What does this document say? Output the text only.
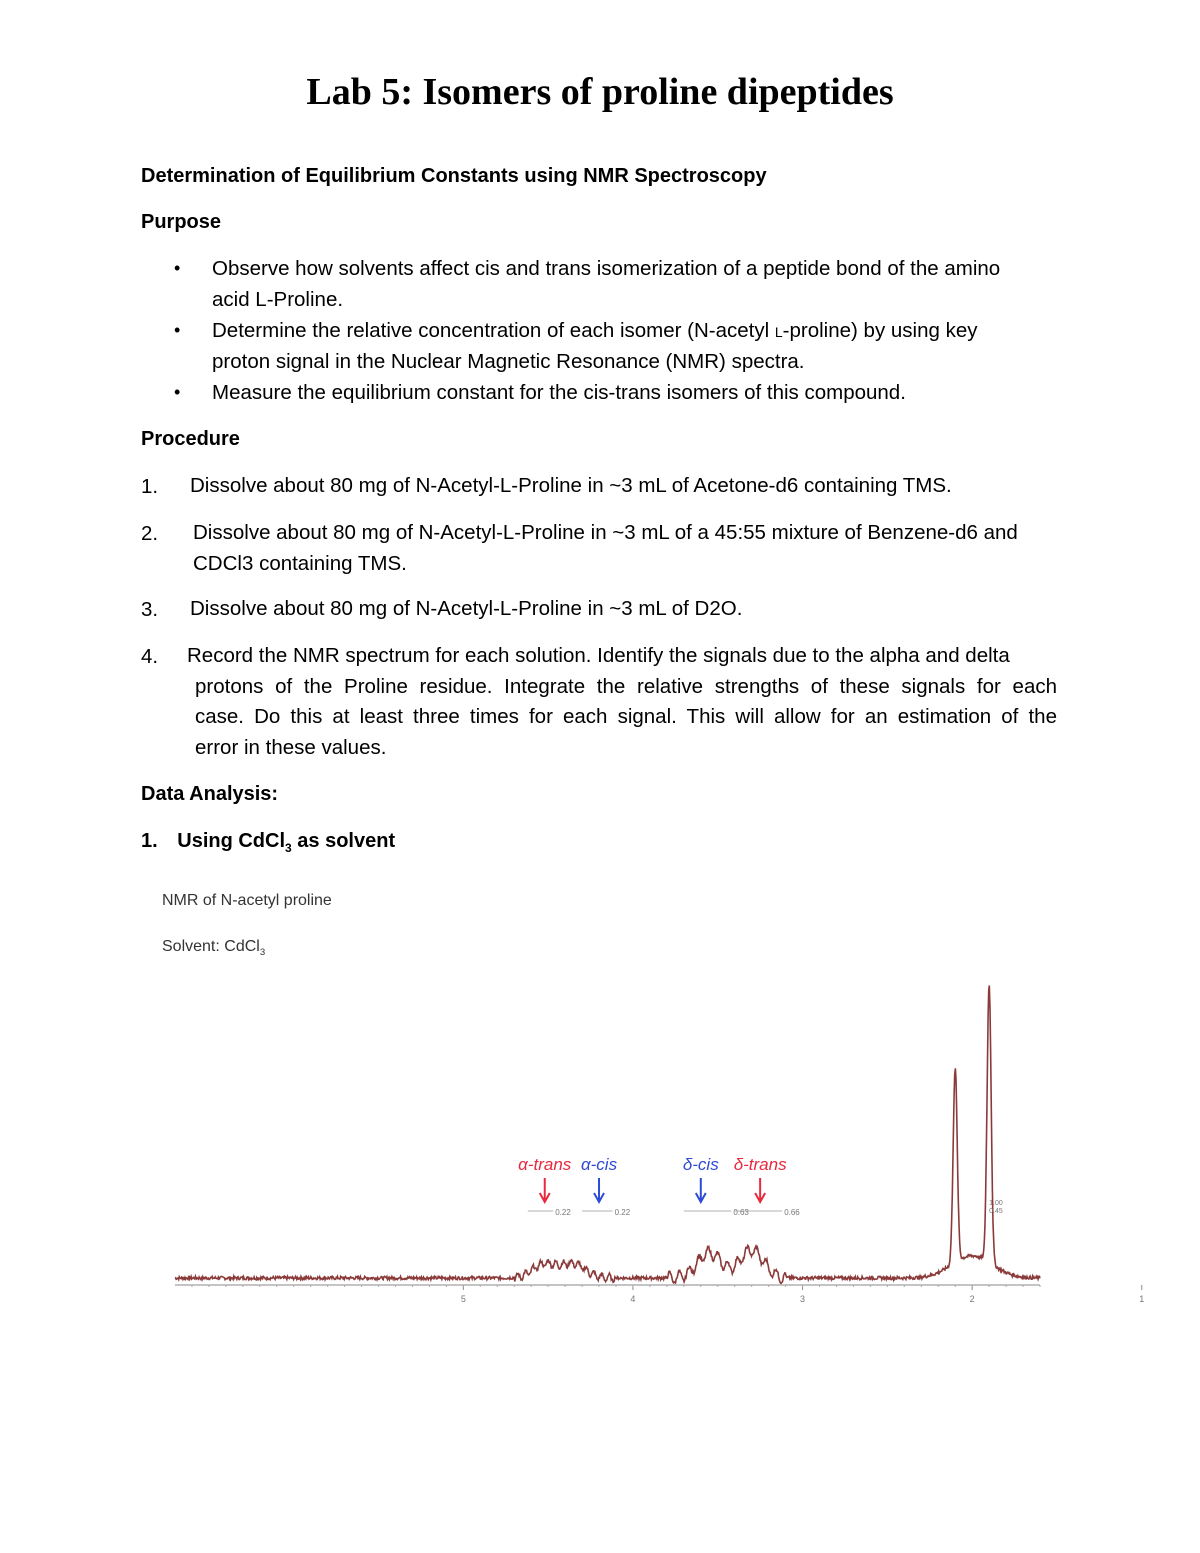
Lab 5: Isomers of proline dipeptides

Determination of Equilibrium Constants using NMR Spectroscopy

Purpose

• Observe how solvents affect cis and trans isomerization of a peptide bond of the amino
acid L-Proline.

• Determine the relative concentration of each isomer (N-acetyl l-proline) by using key
proton signal in the Nuclear Magnetic Resonance (NMR) spectra.

• Measure the equilibrium constant for the cis-trans isomers of this compound.

Procedure

1. Dissolve about 80 mg of N-Acetyl-L-Proline in ~3 mL of Acetone-d6 containing TMS.

2. Dissolve about 80 mg of N-Acetyl-L-Proline in ~3 mL of a 45:55 mixture of Benzene-d6 and
CDCl3 containing TMS.

3. Dissolve about 80 mg of N-Acetyl-L-Proline in ~3 mL of D2O.

4. Record the NMR spectrum for each solution. Identify the signals due to the alpha and delta
protons of the Proline residue. Integrate the relative strengths of these signals for each
case. Do this at least three times for each signal. This will allow for an estimation of the
error in these values.

Data Analysis:

1. Using CdCl$_3$ as solvent

NMR of N-acetyl proline

Solvent: CdCl$_3$

5	4	3	2	1
0.22	0.22	0.63	0.66
1.00
0.45
α-trans α-cis	δ-cis δ-trans
